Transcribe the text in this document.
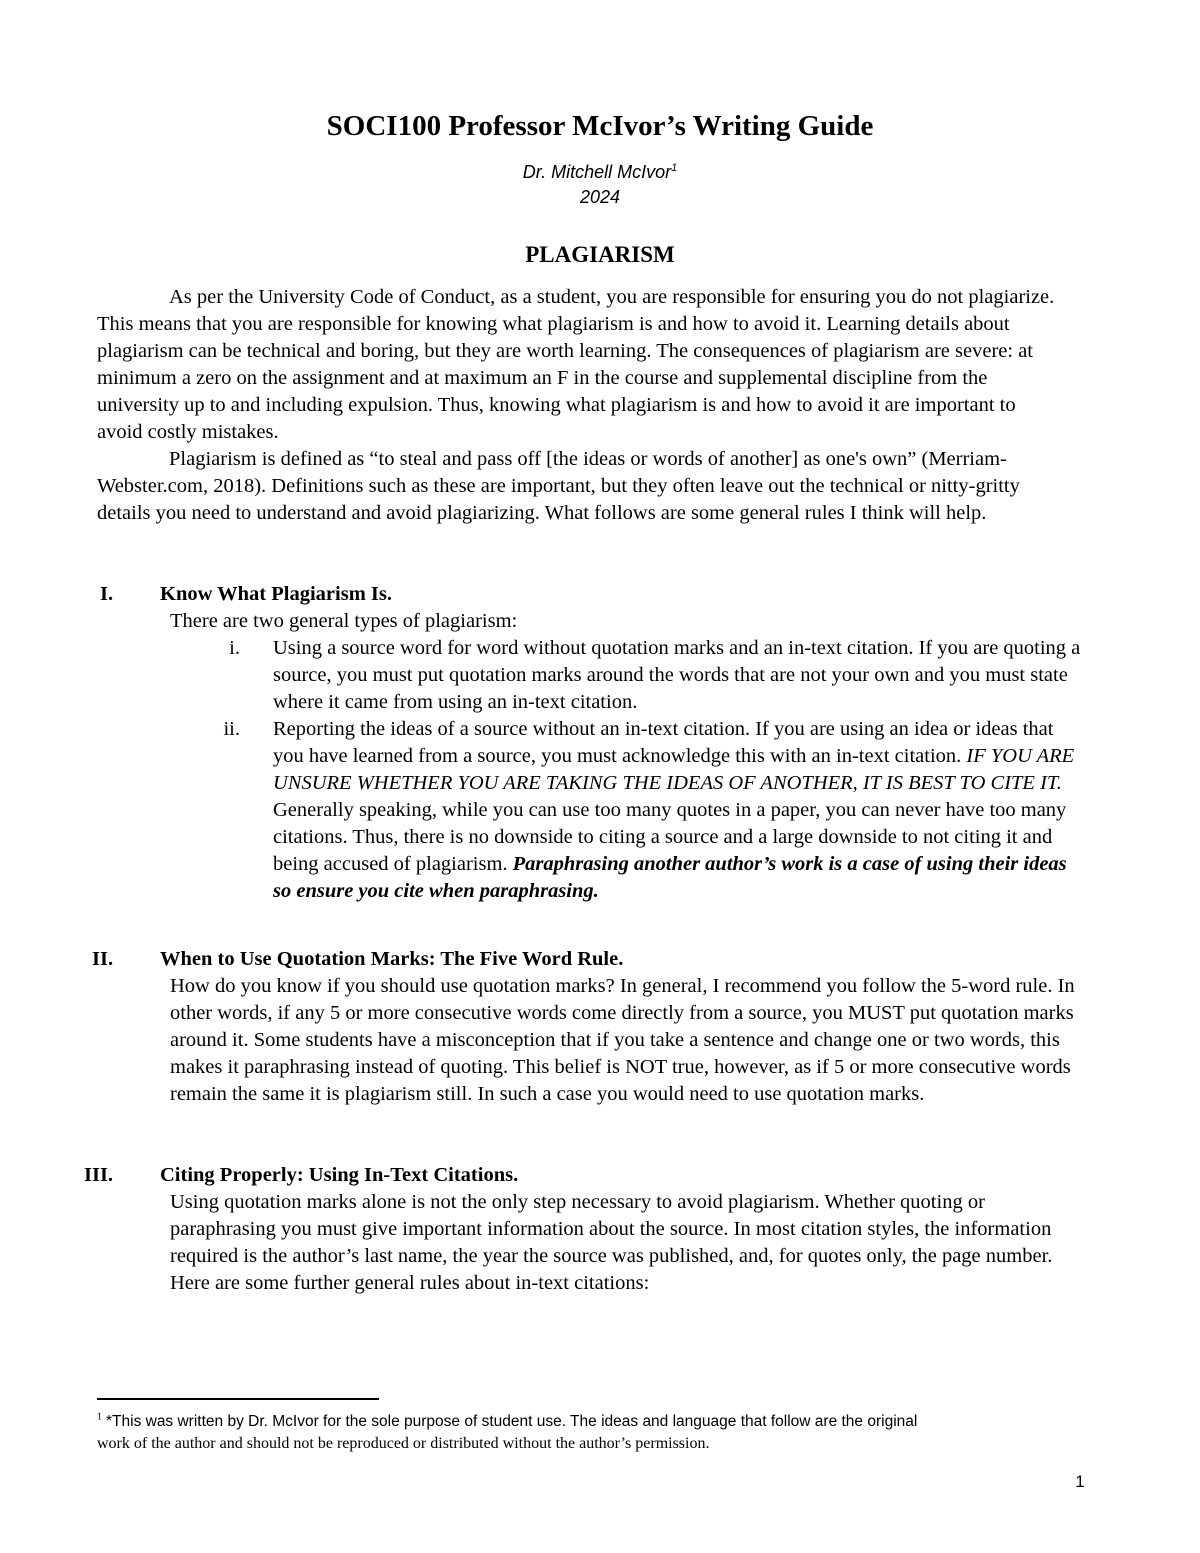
SOCI100 Professor McIvor’s Writing Guide
Dr. Mitchell McIvor$^1$
2024
PLAGIARISM

As per the University Code of Conduct, as a student, you are responsible for ensuring you do not plagiarize. This means that you are responsible for knowing what plagiarism is and how to avoid it. Learning details about plagiarism can be technical and boring, but they are worth learning. The consequences of plagiarism are severe: at minimum a zero on the assignment and at maximum an F in the course and supplemental discipline from the university up to and including expulsion. Thus, knowing what plagiarism is and how to avoid it are important to avoid costly mistakes.

Plagiarism is defined as “to steal and pass off [the ideas or words of another] as one's own” (Merriam-Webster.com, 2018). Definitions such as these are important, but they often leave out the technical or nitty-gritty details you need to understand and avoid plagiarizing. What follows are some general rules I think will help.

I. Know What Plagiarism Is.
There are two general types of plagiarism:
i. Using a source word for word without quotation marks and an in-text citation. If you are quoting a source, you must put quotation marks around the words that are not your own and you must state where it came from using an in-text citation.
ii. Reporting the ideas of a source without an in-text citation. If you are using an idea or ideas that you have learned from a source, you must acknowledge this with an in-text citation. IF YOU ARE UNSURE WHETHER YOU ARE TAKING THE IDEAS OF ANOTHER, IT IS BEST TO CITE IT. Generally speaking, while you can use too many quotes in a paper, you can never have too many citations. Thus, there is no downside to citing a source and a large downside to not citing it and being accused of plagiarism. Paraphrasing another author’s work is a case of using their ideas so ensure you cite when paraphrasing.
II. When to Use Quotation Marks: The Five Word Rule.
How do you know if you should use quotation marks? In general, I recommend you follow the 5-word rule. In other words, if any 5 or more consecutive words come directly from a source, you MUST put quotation marks around it. Some students have a misconception that if you take a sentence and change one or two words, this makes it paraphrasing instead of quoting. This belief is NOT true, however, as if 5 or more consecutive words remain the same it is plagiarism still. In such a case you would need to use quotation marks.
III. Citing Properly: Using In-Text Citations.
Using quotation marks alone is not the only step necessary to avoid plagiarism. Whether quoting or paraphrasing you must give important information about the source. In most citation styles, the information required is the author’s last name, the year the source was published, and, for quotes only, the page number. Here are some further general rules about in-text citations:
$^1$ *This was written by Dr. McIvor for the sole purpose of student use. The ideas and language that follow are the original
work of the author and should not be reproduced or distributed without the author’s permission.
1
